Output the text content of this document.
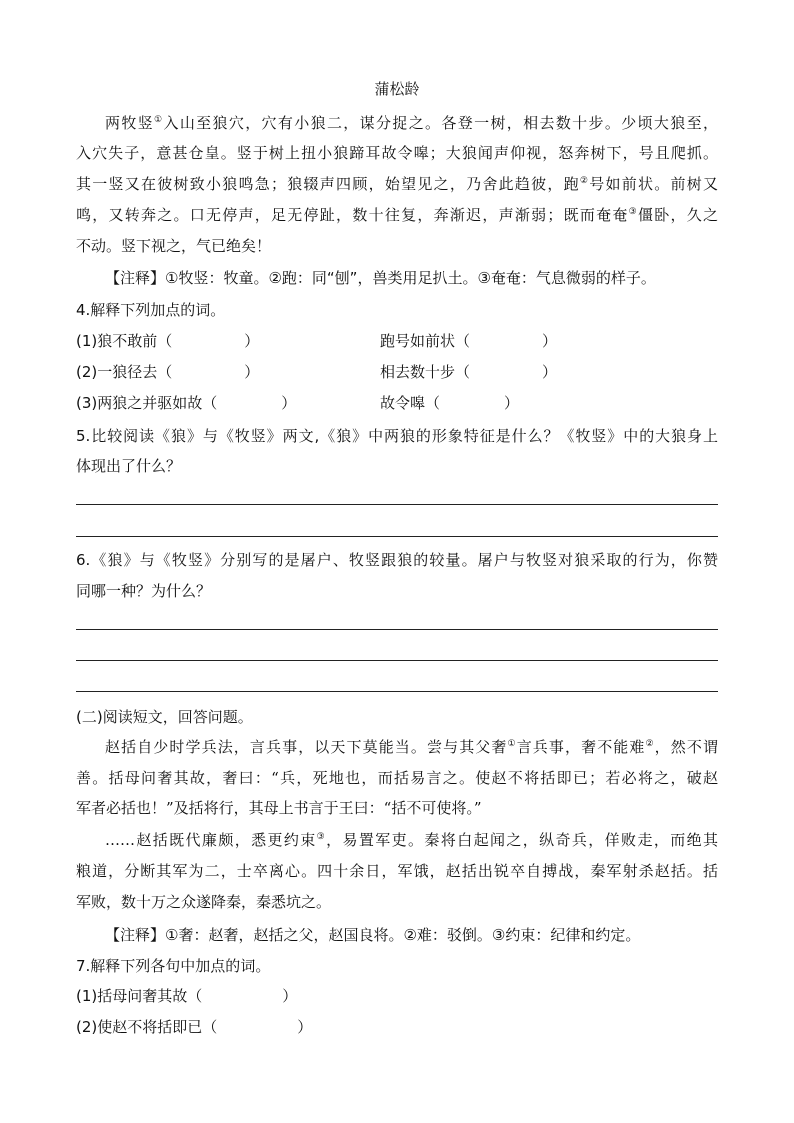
蒲松龄
两牧竖①入山至狼穴，穴有小狼二，谋分捉之。各登一树，相去数十步。少顷大狼至，
入穴失子，意甚仓皇。竖于树上扭小狼蹄耳故令嗥；大狼闻声仰视，怒奔树下，号且爬抓。
其一竖又在彼树致小狼鸣急；狼辍声四顾，始望见之，乃舍此趋彼，跑②号如前状。前树又
鸣，又转奔之。口无停声，足无停趾，数十往复，奔渐迟，声渐弱；既而奄奄③僵卧，久之
不动。竖下视之，气已绝矣！
【注释】①牧竖：牧童。②跑：同“刨”，兽类用足扒土。③奄奄：气息微弱的样子。
4.解释下列加点的词。
(1)狼不敢前（	）	跑号如前状（	）
(2)一狼径去（	）	相去数十步（	）
(3)两狼之并驱如故（	）	故令嗥（	）
5.比较阅读《狼》与《牧竖》两文,《狼》中两狼的形象特征是什么？《牧竖》中的大狼身上
体现出了什么？
6.《狼》与《牧竖》分别写的是屠户、牧竖跟狼的较量。屠户与牧竖对狼采取的行为，你赞
同哪一种？为什么？
(二)阅读短文，回答问题。
赵括自少时学兵法，言兵事，以天下莫能当。尝与其父奢①言兵事，奢不能难②，然不谓
善。括母问奢其故，奢曰：“兵，死地也，而括易言之。使赵不将括即已；若必将之，破赵
军者必括也！”及括将行，其母上书言于王曰：“括不可使将。”
……赵括既代廉颇，悉更约束③，易置军吏。秦将白起闻之，纵奇兵，佯败走，而绝其
粮道，分断其军为二，士卒离心。四十余日，军饿，赵括出锐卒自搏战，秦军射杀赵括。括
军败，数十万之众遂降秦，秦悉坑之。
【注释】①奢：赵奢，赵括之父，赵国良将。②难：驳倒。③约束：纪律和约定。
7.解释下列各句中加点的词。
(1)括母问奢其故（	）
(2)使赵不将括即已（	）
